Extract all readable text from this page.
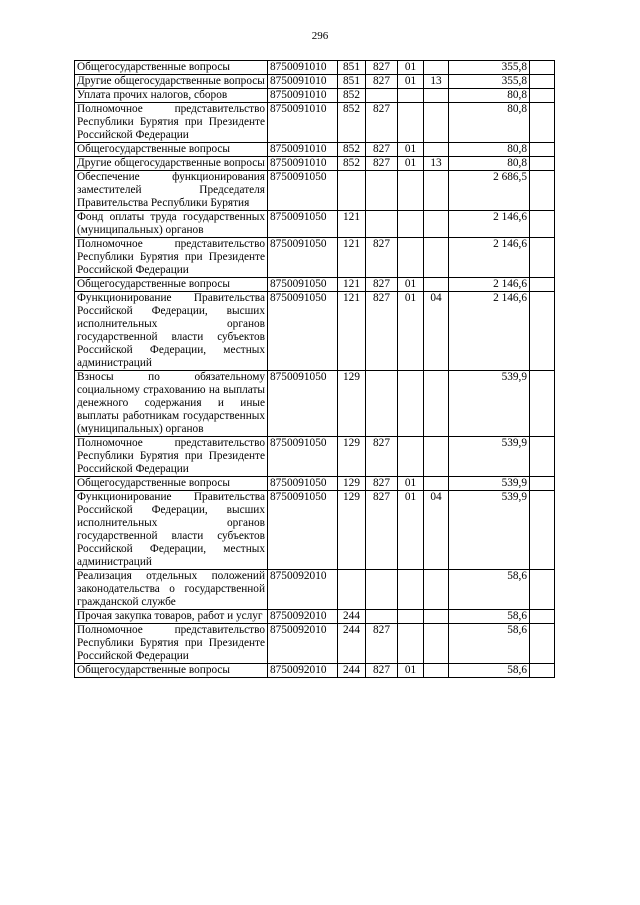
296
Общегосударственные вопросы	8750091010	851	827	01		355,8	
Другие общегосударственные вопросы	8750091010	851	827	01	13	355,8	
Уплата прочих налогов, сборов	8750091010	852				80,8	
Полномочное представительство Республики Бурятия при Президенте Российской Федерации	8750091010	852	827			80,8	
Общегосударственные вопросы	8750091010	852	827	01		80,8	
Другие общегосударственные вопросы	8750091010	852	827	01	13	80,8	
Обеспечение функционирования заместителей Председателя Правительства Республики Бурятия	8750091050					2 686,5	
Фонд оплаты труда государственных (муниципальных) органов	8750091050	121				2 146,6	
Полномочное представительство Республики Бурятия при Президенте Российской Федерации	8750091050	121	827			2 146,6	
Общегосударственные вопросы	8750091050	121	827	01		2 146,6	
Функционирование Правительства Российской Федерации, высших исполнительных органов государственной власти субъектов Российской Федерации, местных администраций	8750091050	121	827	01	04	2 146,6	
Взносы по обязательному социальному страхованию на выплаты денежного содержания и иные выплаты работникам государственных (муниципальных) органов	8750091050	129				539,9	
Полномочное представительство Республики Бурятия при Президенте Российской Федерации	8750091050	129	827			539,9	
Общегосударственные вопросы	8750091050	129	827	01		539,9	
Функционирование Правительства Российской Федерации, высших исполнительных органов государственной власти субъектов Российской Федерации, местных администраций	8750091050	129	827	01	04	539,9	
Реализация отдельных положений законодательства о государственной гражданской службе	8750092010					58,6	
Прочая закупка товаров, работ и услуг	8750092010	244				58,6	
Полномочное представительство Республики Бурятия при Президенте Российской Федерации	8750092010	244	827			58,6	
Общегосударственные вопросы	8750092010	244	827	01		58,6	
